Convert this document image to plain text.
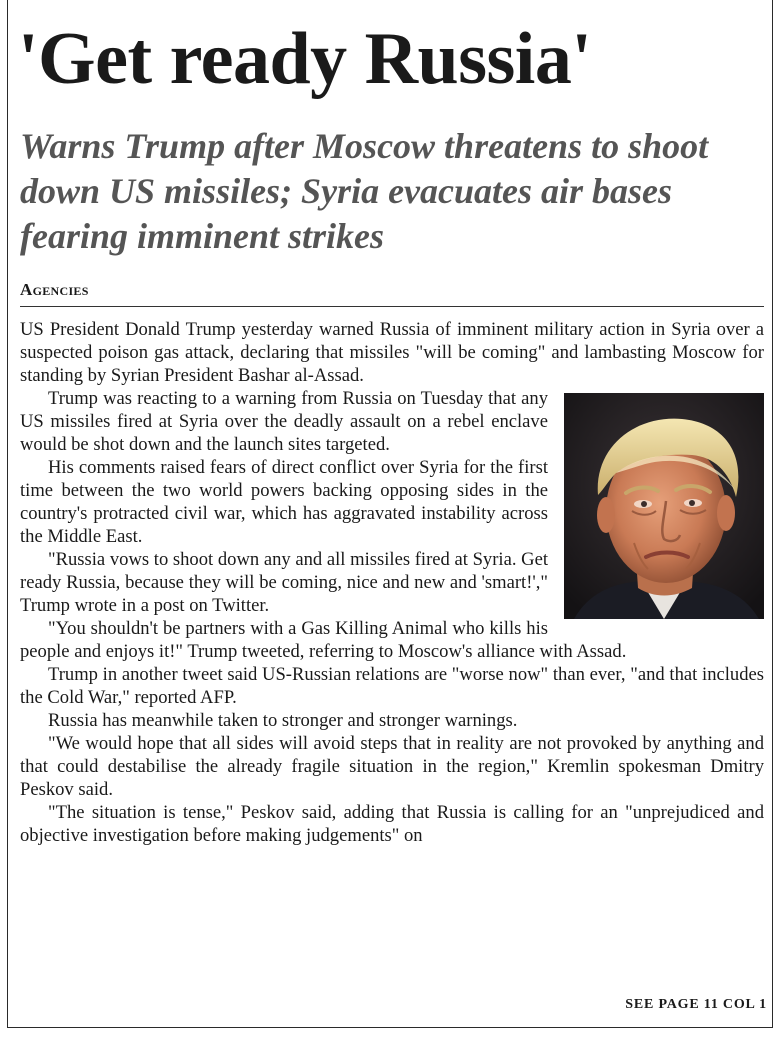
'Get ready Russia'
Warns Trump after Moscow threatens to shoot down US missiles; Syria evacuates air bases fearing imminent strikes
Agencies

US President Donald Trump yesterday warned Russia of imminent military action in Syria over a suspected poison gas attack, declaring that missiles "will be coming" and lambasting Moscow for standing by Syrian President Bashar al-Assad.

Trump was reacting to a warning from Russia on Tuesday that any US missiles fired at Syria over the deadly assault on a rebel enclave would be shot down and the launch sites targeted.

His comments raised fears of direct conflict over Syria for the first time between the two world powers backing opposing sides in the country's protracted civil war, which has aggravated instability across the Middle East.

"Russia vows to shoot down any and all missiles fired at Syria. Get ready Russia, because they will be coming, nice and new and 'smart!'," Trump wrote in a post on Twitter.

"You shouldn't be partners with a Gas Killing Animal who kills his people and enjoys it!" Trump tweeted, referring to Moscow's alliance with Assad.

Trump in another tweet said US-Russian relations are "worse now" than ever, "and that includes the Cold War," reported AFP.

Russia has meanwhile taken to stronger and stronger warnings.

"We would hope that all sides will avoid steps that in reality are not provoked by anything and that could destabilise the already fragile situation in the region," Kremlin spokesman Dmitry Peskov said.

"The situation is tense," Peskov said, adding that Russia is calling for an "unprejudiced and objective investigation before making judgements" on

SEE PAGE 11 COL 1
